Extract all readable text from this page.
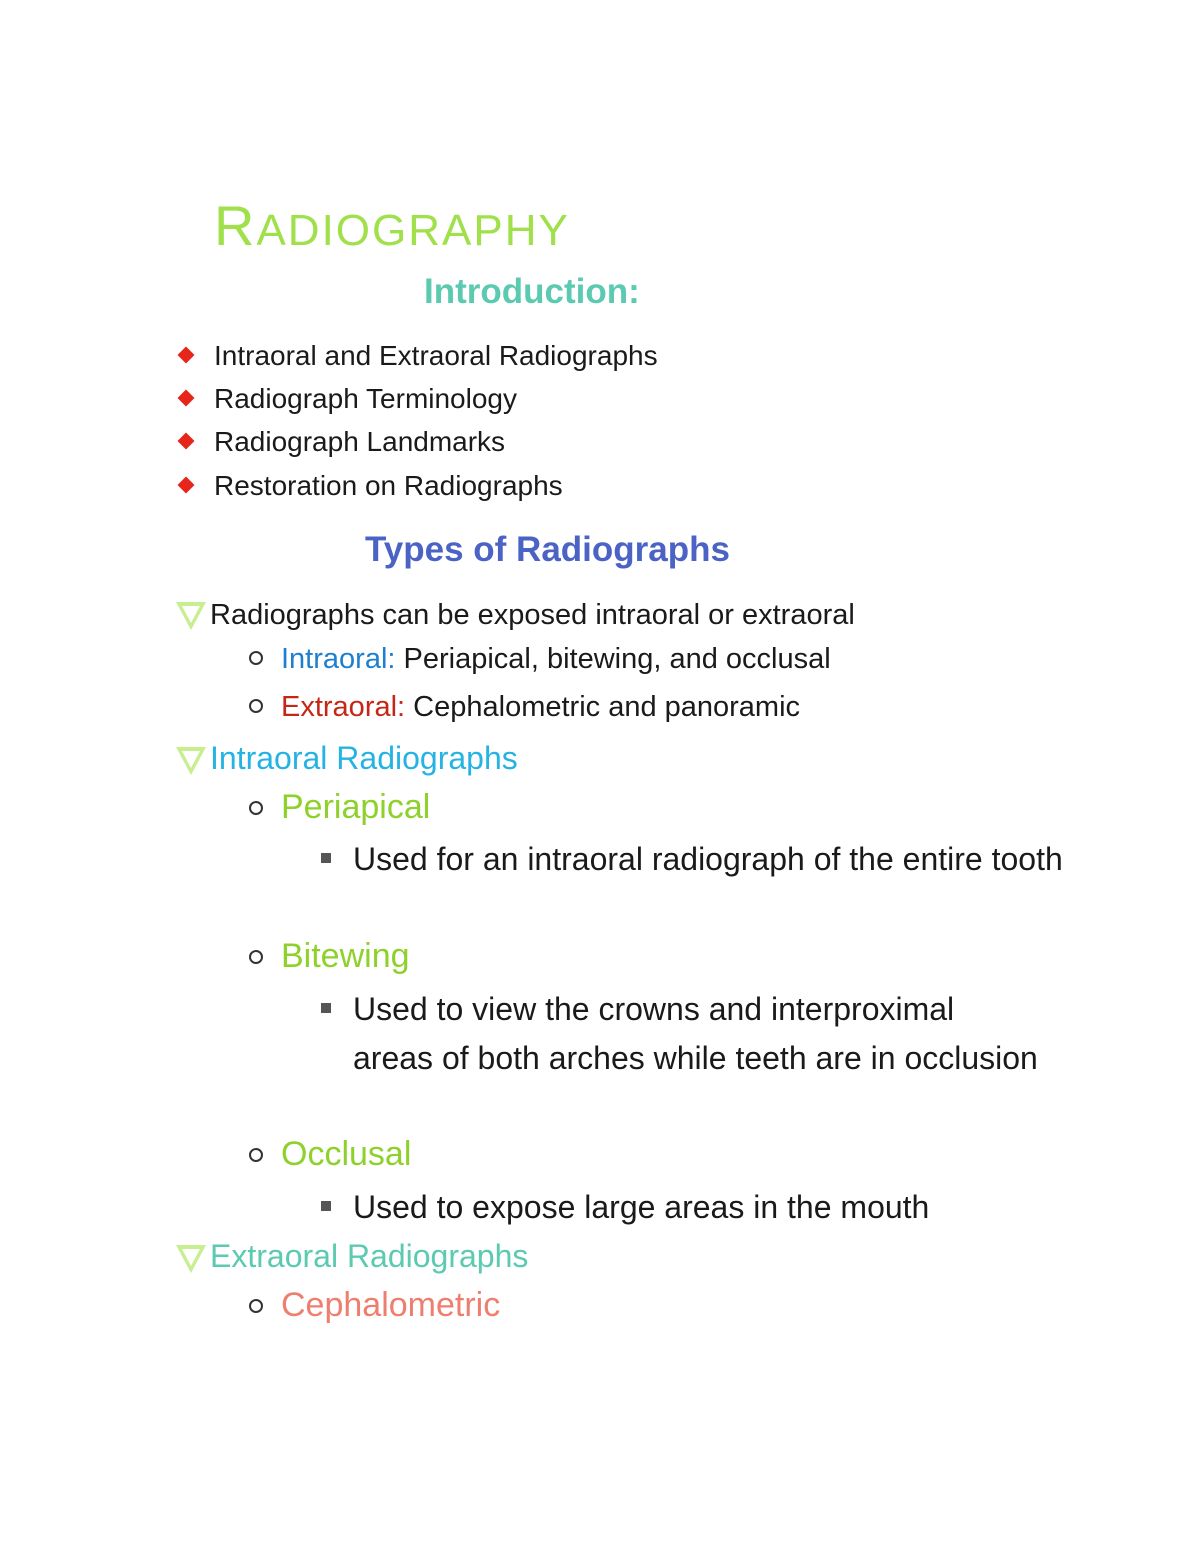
RADIOGRAPHY
Introduction:
Intraoral and Extraoral Radiographs
Radiograph Terminology
Radiograph Landmarks
Restoration on Radiographs
Types of Radiographs
Radiographs can be exposed intraoral or extraoral
Intraoral: Periapical, bitewing, and occlusal
Extraoral: Cephalometric and panoramic
Intraoral Radiographs
Periapical
Used for an intraoral radiograph of the entire tooth
Bitewing
Used to view the crowns and interproximal areas of both arches while teeth are in occlusion
Occlusal
Used to expose large areas in the mouth
Extraoral Radiographs
Cephalometric
